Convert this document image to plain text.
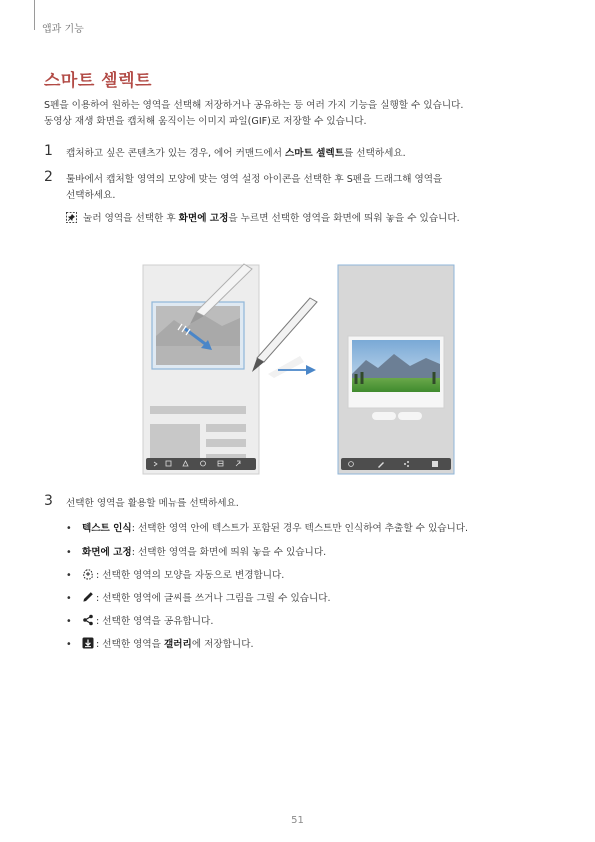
앱과 기능
스마트 셀렉트
S펜을 이용하여 원하는 영역을 선택해 저장하거나 공유하는 등 여러 가지 기능을 실행할 수 있습니다.
동영상 재생 화면을 캡처해 움직이는 이미지 파일(GIF)로 저장할 수 있습니다.
1 캡처하고 싶은 콘텐츠가 있는 경우, 에어 커맨드에서 스마트 셀렉트를 선택하세요.
2 툴바에서 캡처할 영역의 모양에 맞는 영역 설정 아이콘을 선택한 후 S펜을 드래그해 영역을
선택하세요.
눌러 영역을 선택한 후 화면에 고정을 누르면 선택한 영역을 화면에 띄워 놓을 수 있습니다.
3 선택한 영역을 활용할 메뉴를 선택하세요.
• 텍스트 인식: 선택한 영역 안에 텍스트가 포함된 경우 텍스트만 인식하여 추출할 수 있습니다.
• 화면에 고정: 선택한 영역을 화면에 띄워 놓을 수 있습니다.
•	: 선택한 영역의 모양을 자동으로 변경합니다.
•	: 선택한 영역에 글씨를 쓰거나 그림을 그릴 수 있습니다.
•	: 선택한 영역을 공유합니다.
•	: 선택한 영역을 갤러리에 저장합니다.
51
